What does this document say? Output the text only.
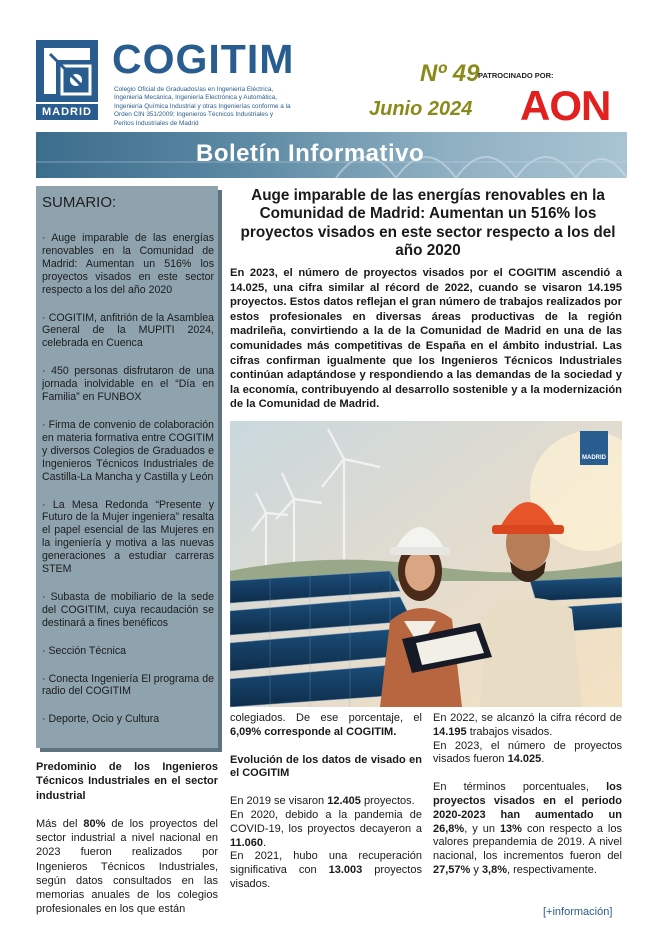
MADRID
COGITIM
Colegio Oficial de Graduados/as en Ingeniería Eléctrica, Ingeniería Mecánica, Ingeniería Electrónica y Automática, Ingeniería Química Industrial y otras Ingenierías conforme a la Orden CIN 351/2009; Ingenieros Técnicos Industriales y Peritos Industriales de Madrid
Nº 49
Junio 2024
PATROCINADO POR:
AON
Boletín Informativo
SUMARIO:
· Auge imparable de las energías renovables en la Comunidad de Madrid: Aumentan un 516% los proyectos visados en este sector respecto a los del año 2020
· COGITIM, anfitrión de la Asamblea General de la MUPITI 2024, celebrada en Cuenca
· 450 personas disfrutaron de una jornada inolvidable en el “Día en Familia” en FUNBOX
· Firma de convenio de colaboración en materia formativa entre COGITIM y diversos Colegios de Graduados e Ingenieros Técnicos Industriales de Castilla-La Mancha y Castilla y León
· La Mesa Redonda “Presente y Futuro de la Mujer ingeniera” resalta el papel esencial de las Mujeres en la ingeniería y motiva a las nuevas generaciones a estudiar carreras STEM
· Subasta de mobiliario de la sede del COGITIM, cuya recaudación se destinará a fines benéficos
· Sección Técnica
· Conecta Ingeniería El programa de radio del COGITIM
· Deporte, Ocio y Cultura
Auge imparable de las energías renovables en la Comunidad de Madrid: Aumentan un 516% los proyectos visados en este sector respecto a los del año 2020
En 2023, el número de proyectos visados por el COGITIM ascendió a 14.025, una cifra similar al récord de 2022, cuando se visaron 14.195 proyectos. Estos datos reflejan el gran número de trabajos realizados por estos profesionales en diversas áreas productivas de la región madrileña, convirtiendo a la de la Comunidad de Madrid en una de las comunidades más competitivas de España en el ámbito industrial. Las cifras confirman igualmente que los Ingenieros Técnicos Industriales continúan adaptándose y respondiendo a las demandas de la sociedad y la economía, contribuyendo al desarrollo sostenible y a la modernización de la Comunidad de Madrid.
MADRID

Predominio de los Ingenieros Técnicos Industriales en el sector industrial

Más del 80% de los proyectos del sector industrial a nivel nacional en 2023 fueron realizados por Ingenieros Técnicos Industriales, según datos consultados en las memorias anuales de los colegios profesionales en los que están

colegiados. De ese porcentaje, el 6,09% corresponde al COGITIM.

Evolución de los datos de visado en el COGITIM

En 2019 se visaron 12.405 proyectos.

En 2020, debido a la pandemia de COVID-19, los proyectos decayeron a 11.060.

En 2021, hubo una recuperación significativa con 13.003 proyectos visados.

En 2022, se alcanzó la cifra récord de 14.195 trabajos visados.

En 2023, el número de proyectos visados fueron 14.025.

En términos porcentuales, los proyectos visados en el periodo 2020-2023 han aumentado un 26,8%, y un 13% con respecto a los valores prepandemia de 2019. A nivel nacional, los incrementos fueron del 27,57% y 3,8%, respectivamente.

[+información]
